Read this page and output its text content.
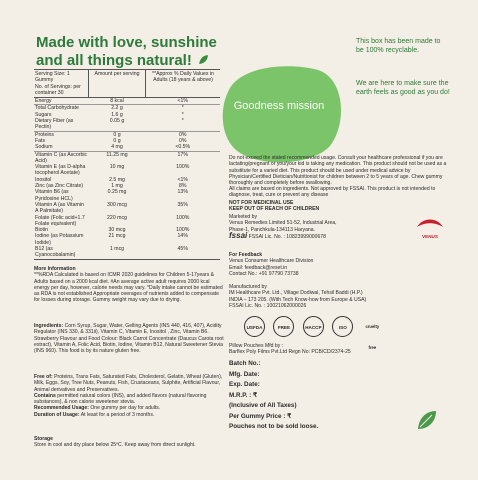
Made with love, sunshine and all things natural!
Serving Size: 1 Gummy
No. of Servings: per container 30	Amount per serving	**Approx % Daily Values in Adults (18 years & above)
Energy	8 kcal	<1%
Total Carbohydrate	2.2 g	*
Sugars	1.6 g	*
Dietary Fiber (as Pectin)	0.05 g	*
Proteins	0 g	0%
Fats	0 g	0%
Sodium	4 mg	<0.5%
Vitamin C (as Ascorbic Acid)	11.25 mg	17%
Vitamin E (as D-alpha tocopherol Acetate)	10 mg	100%
Inositol	2.5 mg	<1%
Zinc (as Zinc Citrate)	1 mg	8%
Vitamin B6 (as Pyridoxine HCL)	0.25 mg	13%
Vitamin A (as Vitamin A Palmitate)	300 mcg	35%
Folate (Folic acid+1.7 Folate equivalent)	220 mcg	100%
Biotin	30 mcg	100%
Iodine (as Potassium Iodide)	21 mcg	14%
B12 (as Cyanocobalamin)	1 mcg	45%
More Information
**%RDA Calculated is based on ICMR 2020 guidelines for Children 5-17years & Adults based on a 2000 kcal diet. #An average active adult requires 2000 kcal energy per day, however, calorie needs may vary. *Daily intake cannot be estimated as RDA is not established Appropriate overages of nutrients added to compensate for losses during storage. Gummy weight may vary due to drying.
Ingredients: Corn Syrup, Sugar, Water, Gelling Agents (INS 440, 416, 407), Acidity Regulator (INS 330, & 331ii), Vitamin C, Vitamin E, Inositol , Zinc, Vitamin B6. Strawberry Flavour and Food Colour: Black Carrot Concentrate (Daucus Carota root extract), Vitamin A, Folic Acid, Biotin, Iodine, Vitamin B12, Natural Sweetener Stevia (INS 960). This food is by its nature gluten free.
Free of: Proteins, Trans Fats, Saturated Fats, Cholesterol, Gelatin, Wheat (Gluten), Milk, Eggs, Soy, Tree Nuts, Peanuts, Fish, Crustaceans, Sulphite, Artificial Flavour, Animal derivatives and Preservatives.
Contains permitted natural colors (INS), and added flavors (natural flavoring substances), & non calorie sweetener stevia.
Recommended Usage: One gummy per day for adults.
Duration of Usage: At least for a period of 3 months.
Storage
Store in cool and dry place below 25ºC. Keep away from direct sunlight.
Goodness mission
This box has been made to be 100% recyclable.
We are here to make sure the earth feels as good as you do!
Do not exceed the stated recommended usage. Consult your healthcare professional if you are lactating/pregnant or you/your kid is taking any medication. This product should not be used as a substitute for a varied diet. This product should be used under medical advice by Physician/Certified Dietician/Nutritionist for children between 2 to 5 years of age. Chew gummy thoroughly and completely before swallowing.
All claims are based on ingredients. Not approved by FSSAI. This product is not intended to diagnose, treat, cure or prevent any disease
NOT FOR MEDICINAL USE
KEEP OUT OF REACH OF CHILDREN
Marketed by
Venus Remedies Limited 51-52, Industrial Area,
Phase-1, Panchkula-134113 Haryana.
fssai FSSAI Lic. No. : 10823999000678	VENUS
For Feedback
Venus Consumer Healthcare Division
Email: feedback@reset.in
Contact No.: +91 97790 73738
Manufactured by
IM Healthcare Pvt. Ltd., Village Dodiwal, Tehsil Baddi (H.P.)
INDIA – 173 205. (With Tech Know-how from Europe & USA)
FSSAI Lic. No. : 10021062000026
USFDA	FREE	HACCP	ISO	cruelty free
Pillow Pouches Mfd by :
Barflex Poly Films Pvt.Ltd Regn No: PCB/CD/2374-25
Batch No.:
Mfg. Date:
Exp. Date:
M.R.P. : ₹
(Inclusive of All Taxes)
Per Gummy Price : ₹
Pouches not to be sold loose.
